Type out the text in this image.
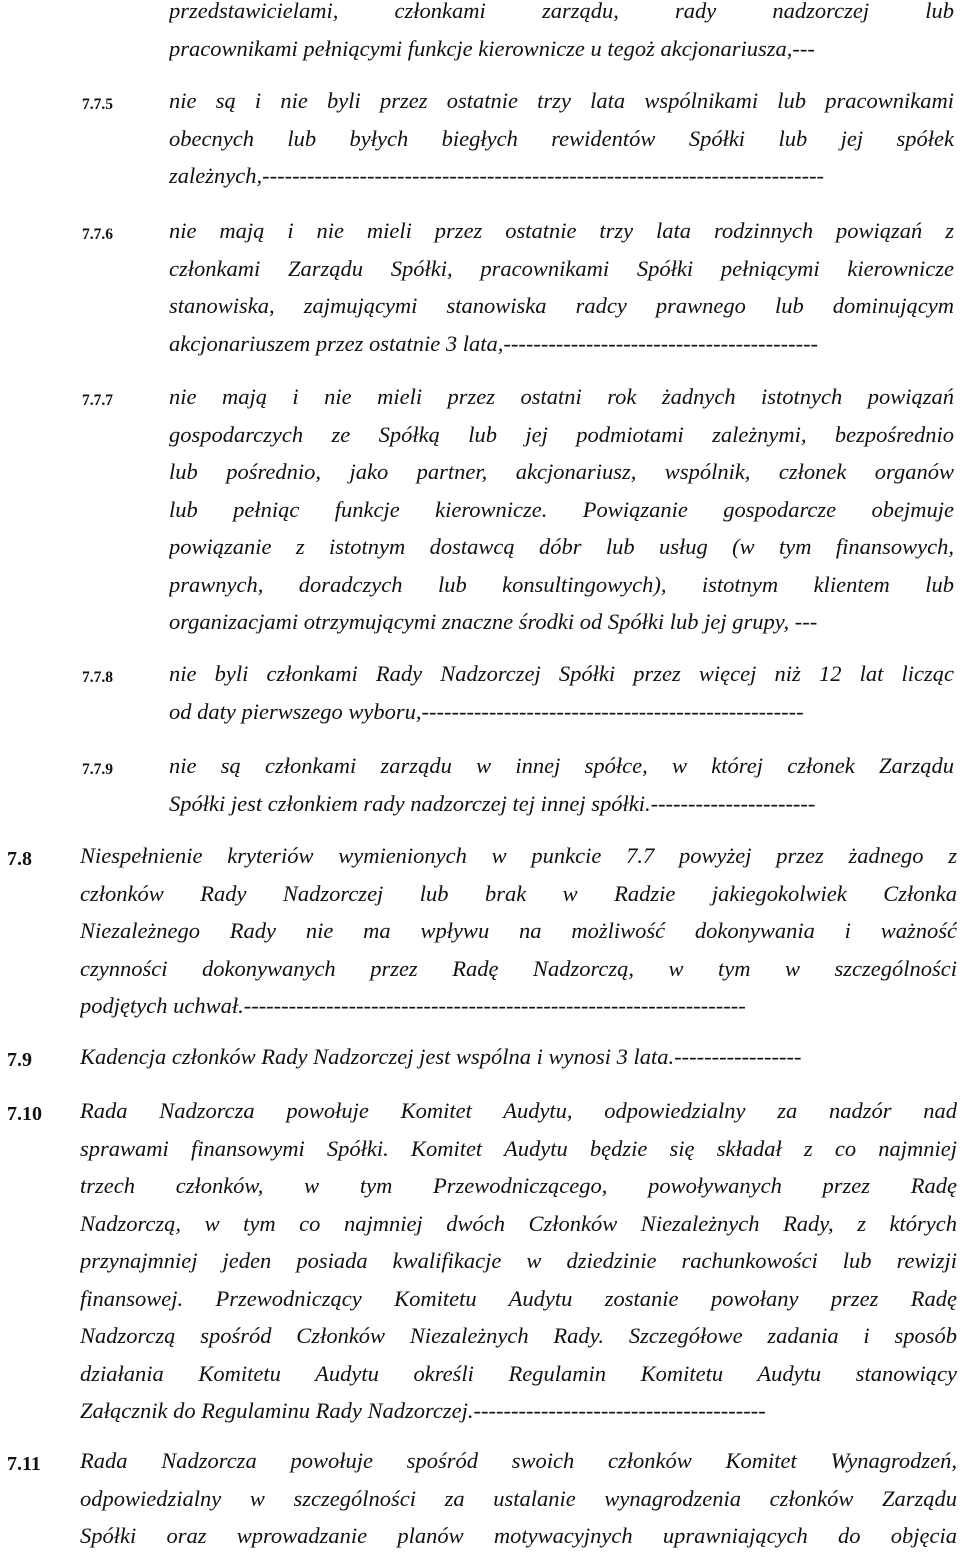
przedstawicielami, członkami zarządu, rady nadzorczej lub
pracownikami pełniącymi funkcje kierownicze u tegoż akcjonariusza,---
7.7.5 nie są i nie byli przez ostatnie trzy lata wspólnikami lub pracownikami
obecnych lub byłych biegłych rewidentów Spółki lub jej spółek
zależnych,---------------------------------------------------------------------------
7.7.6 nie mają i nie mieli przez ostatnie trzy lata rodzinnych powiązań z
członkami Zarządu Spółki, pracownikami Spółki pełniącymi kierownicze
stanowiska, zajmującymi stanowiska radcy prawnego lub dominującym
akcjonariuszem przez ostatnie 3 lata,------------------------------------------
7.7.7 nie mają i nie mieli przez ostatni rok żadnych istotnych powiązań
gospodarczych ze Spółką lub jej podmiotami zależnymi, bezpośrednio
lub pośrednio, jako partner, akcjonariusz, wspólnik, członek organów
lub pełniąc funkcje kierownicze. Powiązanie gospodarcze obejmuje
powiązanie z istotnym dostawcą dóbr lub usług (w tym finansowych,
prawnych, doradczych lub konsultingowych), istotnym klientem lub
organizacjami otrzymującymi znaczne środki od Spółki lub jej grupy, ---
7.7.8 nie byli członkami Rady Nadzorczej Spółki przez więcej niż 12 lat licząc
od daty pierwszego wyboru,---------------------------------------------------
7.7.9 nie są członkami zarządu w innej spółce, w której członek Zarządu
Spółki jest członkiem rady nadzorczej tej innej spółki.----------------------
7.8 Niespełnienie kryteriów wymienionych w punkcie 7.7 powyżej przez żadnego z
członków Rady Nadzorczej lub brak w Radzie jakiegokolwiek Członka
Niezależnego Rady nie ma wpływu na możliwość dokonywania i ważność
czynności dokonywanych przez Radę Nadzorczą, w tym w szczególności
podjętych uchwał.-------------------------------------------------------------------
7.9 Kadencja członków Rady Nadzorczej jest wspólna i wynosi 3 lata.-----------------
7.10 Rada Nadzorcza powołuje Komitet Audytu, odpowiedzialny za nadzór nad
sprawami finansowymi Spółki. Komitet Audytu będzie się składał z co najmniej
trzech członków, w tym Przewodniczącego, powoływanych przez Radę
Nadzorczą, w tym co najmniej dwóch Członków Niezależnych Rady, z których
przynajmniej jeden posiada kwalifikacje w dziedzinie rachunkowości lub rewizji
finansowej. Przewodniczący Komitetu Audytu zostanie powołany przez Radę
Nadzorczą spośród Członków Niezależnych Rady. Szczegółowe zadania i sposób
działania Komitetu Audytu określi Regulamin Komitetu Audytu stanowiący
Załącznik do Regulaminu Rady Nadzorczej.---------------------------------------
7.11 Rada Nadzorcza powołuje spośród swoich członków Komitet Wynagrodzeń,
odpowiedzialny w szczególności za ustalanie wynagrodzenia członków Zarządu
Spółki oraz wprowadzanie planów motywacyjnych uprawniających do objęcia
